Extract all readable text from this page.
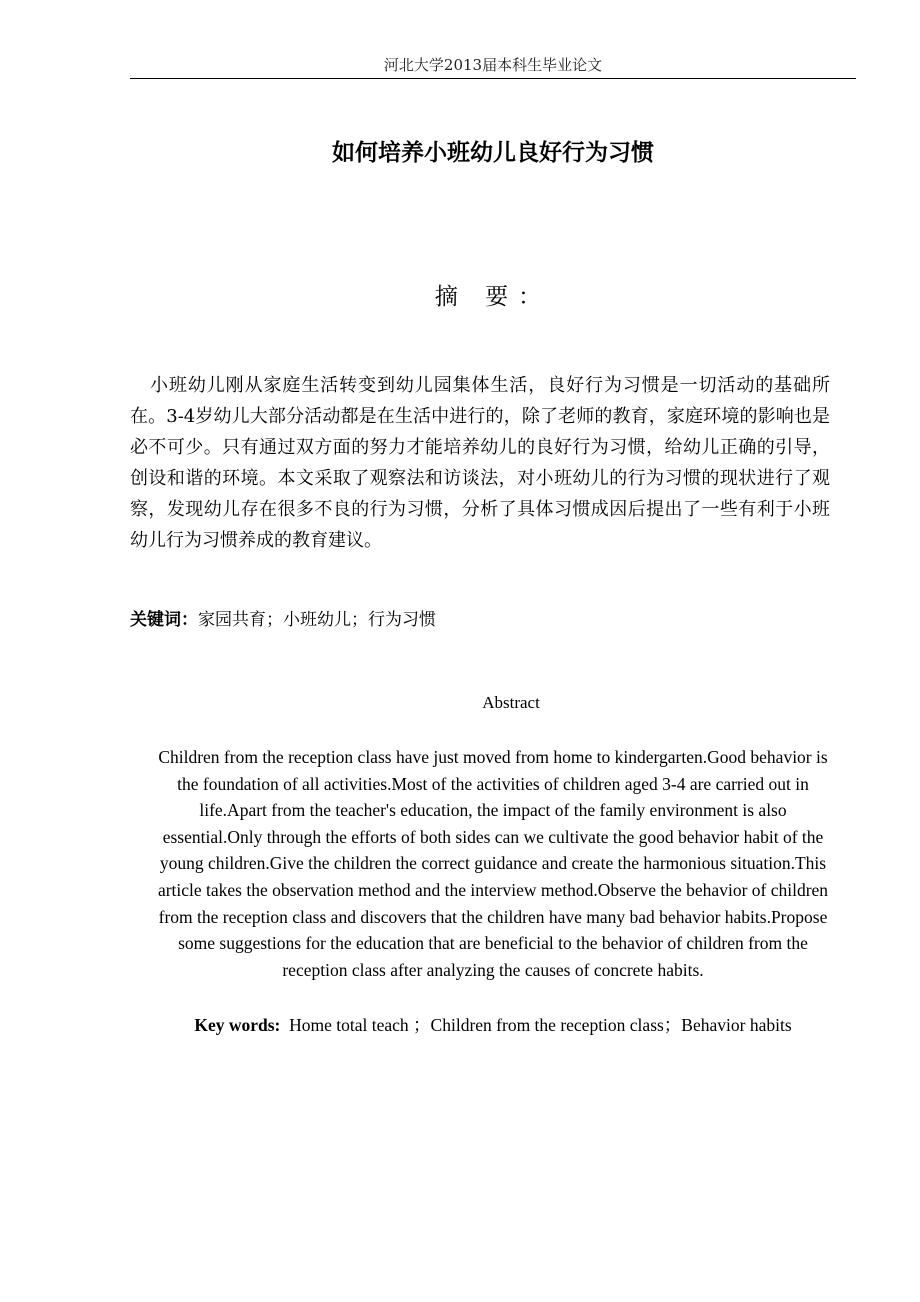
河北大学2013届本科生毕业论文
如何培养小班幼儿良好行为习惯
摘 要：

小班幼儿刚从家庭生活转变到幼儿园集体生活，良好行为习惯是一切活动的基础所在。3-4岁幼儿大部分活动都是在生活中进行的，除了老师的教育，家庭环境的影响也是必不可少。只有通过双方面的努力才能培养幼儿的良好行为习惯，给幼儿正确的引导，创设和谐的环境。本文采取了观察法和访谈法，对小班幼儿的行为习惯的现状进行了观察，发现幼儿存在很多不良的行为习惯，分析了具体习惯成因后提出了一些有利于小班幼儿行为习惯养成的教育建议。

关键词：家园共育；小班幼儿；行为习惯
Abstract

Children from the reception class have just moved from home to kindergarten.Good behavior is
the foundation of all activities.Most of the activities of children aged 3-4 are carried out in
life.Apart from the teacher's education, the impact of the family environment is also
essential.Only through the efforts of both sides can we cultivate the good behavior habit of the
young children.Give the children the correct guidance and create the harmonious situation.This
article takes the observation method and the interview method.Observe the behavior of children
from the reception class and discovers that the children have many bad behavior habits.Propose
some suggestions for the education that are beneficial to the behavior of children from the
reception class after analyzing the causes of concrete habits.

Key words: Home total teach ；Children from the reception class；Behavior habits
